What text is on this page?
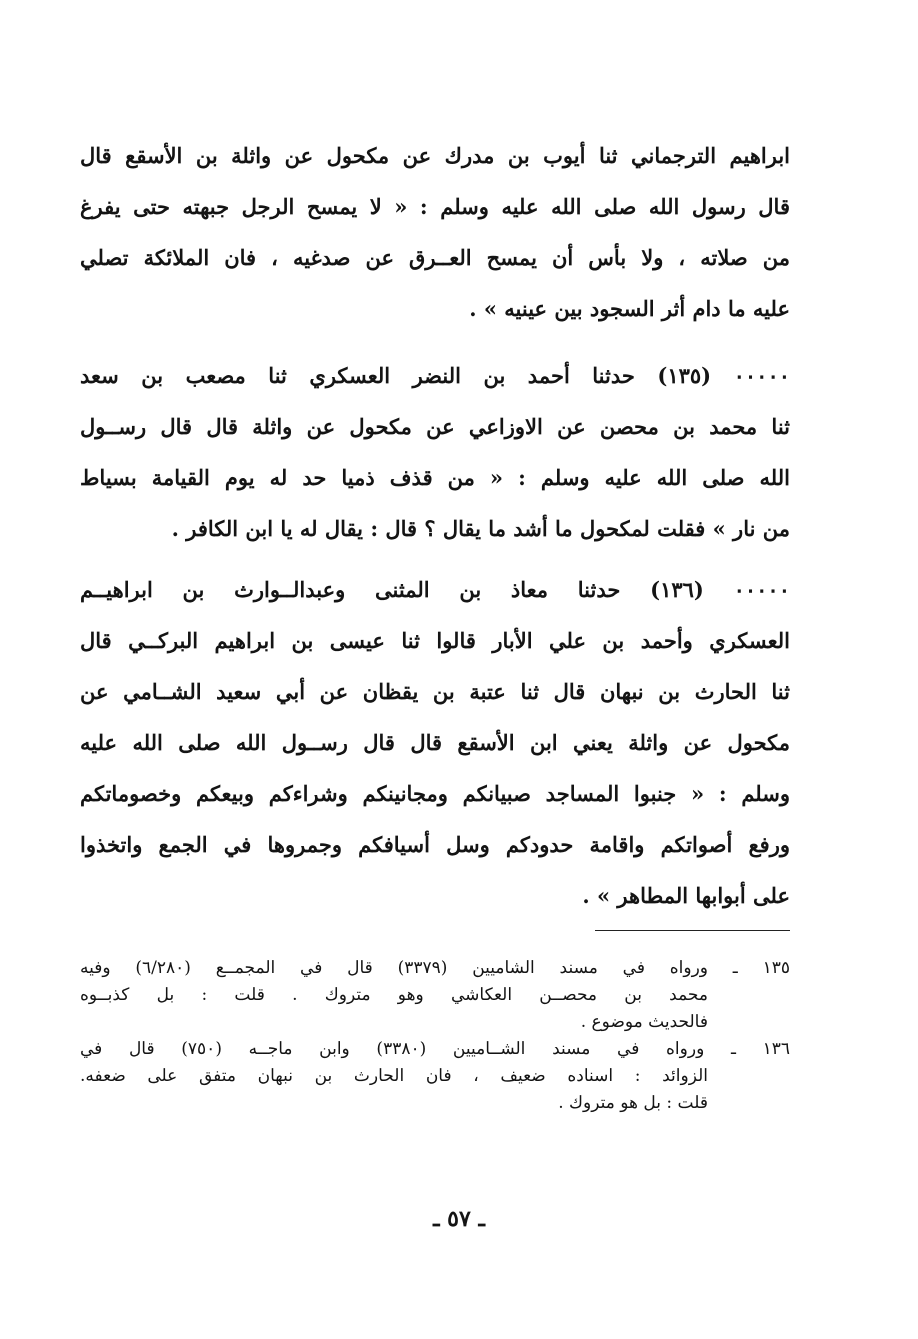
ابراهيم الترجماني ثنا أيوب بن مدرك عن مكحول عن واثلة بن الأسقع قال
قال رسول الله صلى الله عليه وسلم : « لا يمسح الرجل جبهته حتى يفرغ
من صلاته ، ولا بأس أن يمسح العــرق عن صدغيه ، فان الملائكة تصلي
عليه ما دام أثر السجود بين عينيه » .
٠٠٠٠٠ (١٣٥) حدثنا أحمد بن النضر العسكري ثنا مصعب بن سعد
ثنا محمد بن محصن عن الاوزاعي عن مكحول عن واثلة قال قال رســول
الله صلى الله عليه وسلم : « من قذف ذميا حد له يوم القيامة بسياط
من نار » فقلت لمكحول ما أشد ما يقال ؟ قال : يقال له يا ابن الكافر .
٠٠٠٠٠ (١٣٦) حدثنا معاذ بن المثنى وعبدالــوارث بن ابراهيــم
العسكري وأحمد بن علي الأبار قالوا ثنا عيسى بن ابراهيم البركــي قال
ثنا الحارث بن نبهان قال ثنا عتبة بن يقظان عن أبي سعيد الشــامي عن
مكحول عن واثلة يعني ابن الأسقع قال قال رســول الله صلى الله عليه
وسلم : « جنبوا المساجد صبيانكم ومجانينكم وشراءكم وبيعكم وخصوماتكم
ورفع أصواتكم واقامة حدودكم وسل أسيافكم وجمروها في الجمع واتخذوا
على أبوابها المطاهر » .
١٣٥ ـ ورواه في مسند الشاميين (٣٣٧٩) قال في المجمــع (٦/٢٨٠) وفيه
محمد بن محصــن العكاشي وهو متروك . قلت : بل كذبــوه
فالحديث موضوع .
١٣٦ ـ ورواه في مسند الشــاميين (٣٣٨٠) وابن ماجــه (٧٥٠) قال في
الزوائد : اسناده ضعيف ، فان الحارث بن نبهان متفق على ضعفه.
قلت : بل هو متروك .
ـ ٥٧ ـ
